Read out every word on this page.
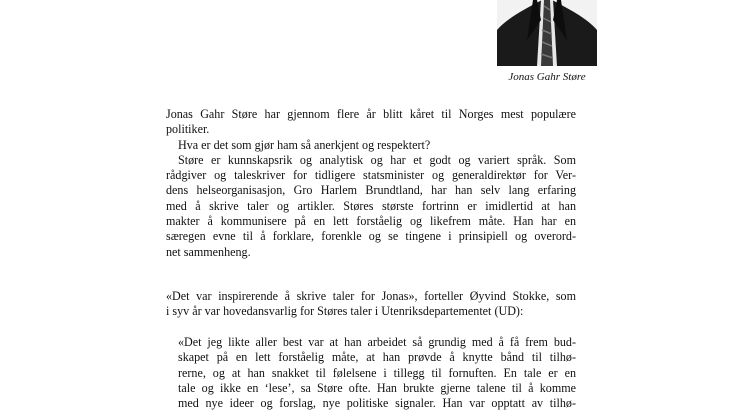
Jonas Gahr Støre
Jonas Gahr Støre har gjennom flere år blitt kåret til Norges mest populære
politiker.
Hva er det som gjør ham så anerkjent og respektert?
Støre er kunnskapsrik og analytisk og har et godt og variert språk. Som
rådgiver og taleskriver for tidligere statsminister og generaldirektør for Ver-
dens helseorganisasjon, Gro Harlem Brundtland, har han selv lang erfaring
med å skrive taler og artikler. Støres største fortrinn er imidlertid at han
makter å kommunisere på en lett forståelig og likefrem måte. Han har en
særegen evne til å forklare, forenkle og se tingene i prinsipiell og overord-
net sammenheng.
«Det var inspirerende å skrive taler for Jonas», forteller Øyvind Stokke, som
i syv år var hovedansvarlig for Støres taler i Utenriksdepartementet (UD):
«Det jeg likte aller best var at han arbeidet så grundig med å få frem bud-
skapet på en lett forståelig måte, at han prøvde å knytte bånd til tilhø-
rerne, og at han snakket til følelsene i tillegg til fornuften. En tale er en
tale og ikke en ‘lese’, sa Støre ofte. Han brukte gjerne talene til å komme
med nye ideer og forslag, nye politiske signaler. Han var opptatt av tilhø-
